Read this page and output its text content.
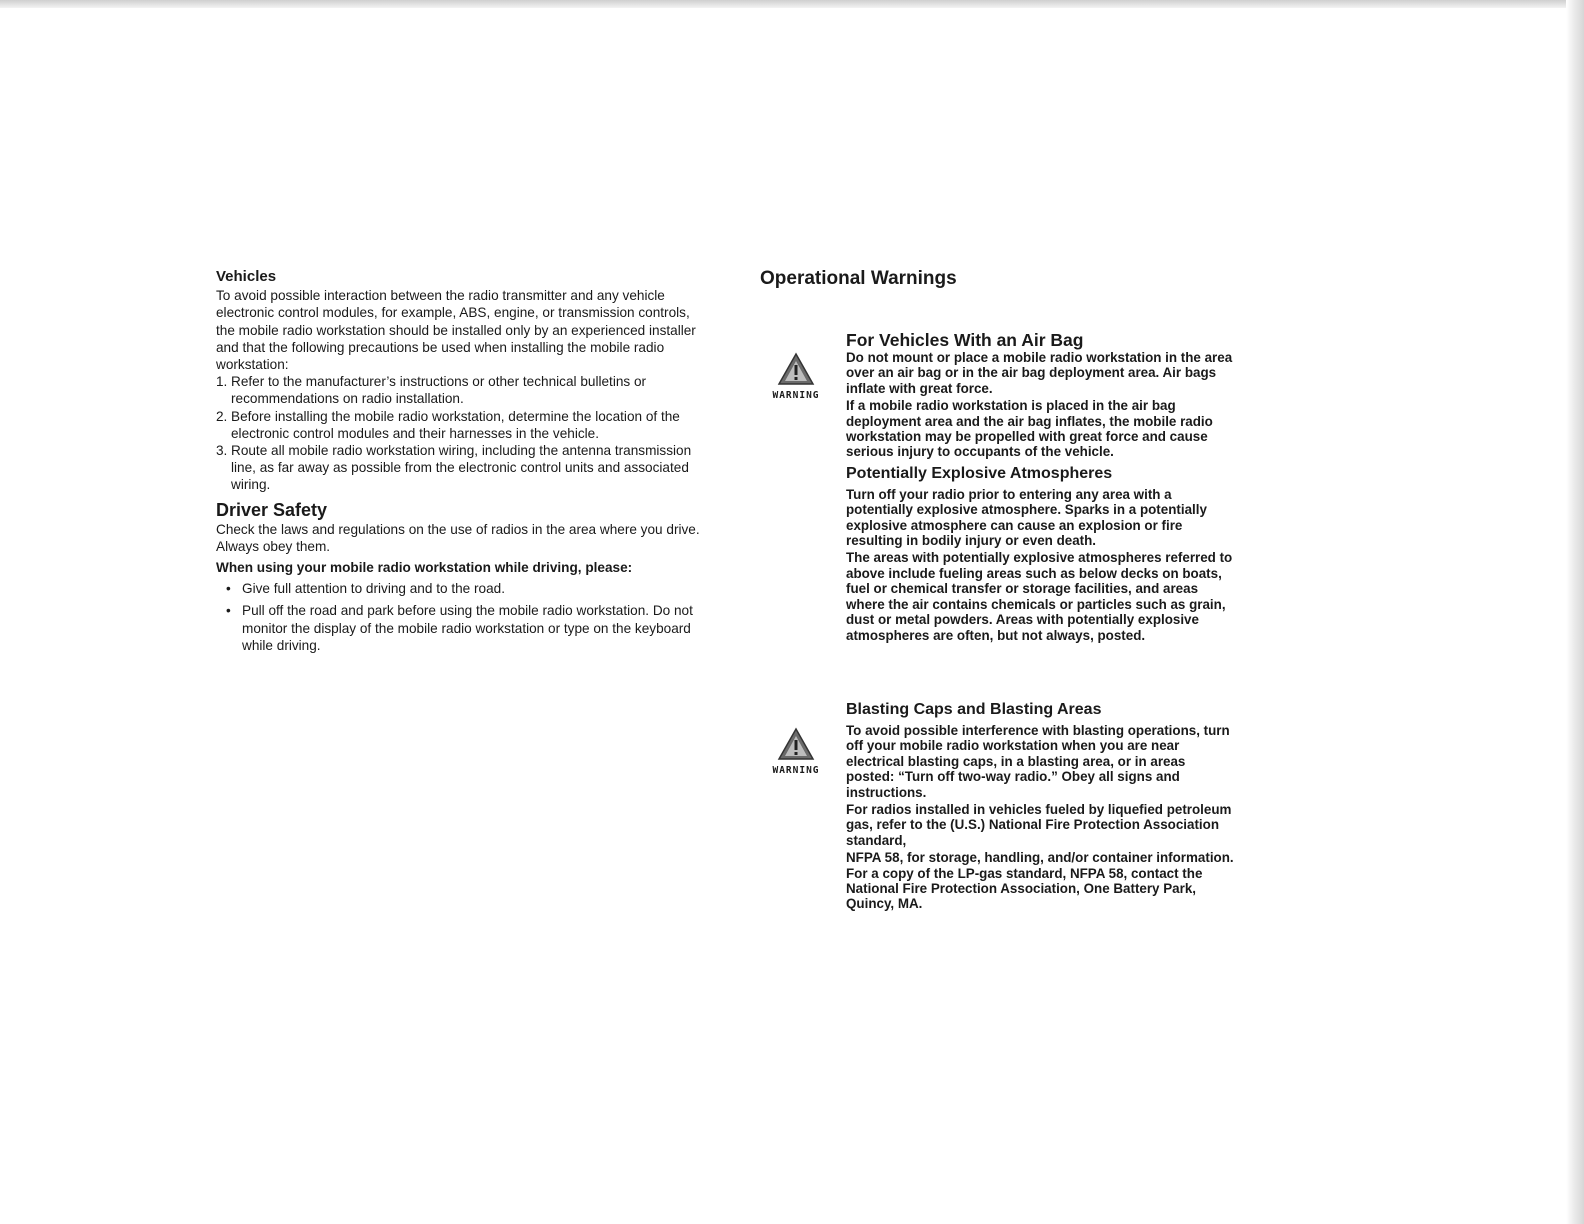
Vehicles

To avoid possible interaction between the radio transmitter and any vehicle electronic control modules, for example, ABS, engine, or transmission controls, the mobile radio workstation should be installed only by an experienced installer and that the following precautions be used when installing the mobile radio workstation:

1. Refer to the manufacturer’s instructions or other technical bulletins or recommendations on radio installation.
2. Before installing the mobile radio workstation, determine the location of the electronic control modules and their harnesses in the vehicle.
3. Route all mobile radio workstation wiring, including the antenna transmission line, as far away as possible from the electronic control units and associated wiring.
Driver Safety

Check the laws and regulations on the use of radios in the area where you drive. Always obey them.

When using your mobile radio workstation while driving, please:

• Give full attention to driving and to the road.
• Pull off the road and park before using the mobile radio workstation. Do not monitor the display of the mobile radio workstation or type on the keyboard while driving.
Operational Warnings
WARNING
For Vehicles With an Air Bag

Do not mount or place a mobile radio workstation in the area over an air bag or in the air bag deployment area. Air bags inflate with great force.

If a mobile radio workstation is placed in the air bag deployment area and the air bag inflates, the mobile radio workstation may be propelled with great force and cause serious injury to occupants of the vehicle.

Potentially Explosive Atmospheres

Turn off your radio prior to entering any area with a potentially explosive atmosphere. Sparks in a potentially explosive atmosphere can cause an explosion or fire resulting in bodily injury or even death.

The areas with potentially explosive atmospheres referred to above include fueling areas such as below decks on boats, fuel or chemical transfer or storage facilities, and areas where the air contains chemicals or particles such as grain, dust or metal powders. Areas with potentially explosive atmospheres are often, but not always, posted.

WARNING
Blasting Caps and Blasting Areas

To avoid possible interference with blasting operations, turn off your mobile radio workstation when you are near electrical blasting caps, in a blasting area, or in areas posted: “Turn off two-way radio.” Obey all signs and instructions.

For radios installed in vehicles fueled by liquefied petroleum gas, refer to the (U.S.) National Fire Protection Association standard,

NFPA 58, for storage, handling, and/or container information. For a copy of the LP-gas standard, NFPA 58, contact the National Fire Protection Association, One Battery Park, Quincy, MA.
